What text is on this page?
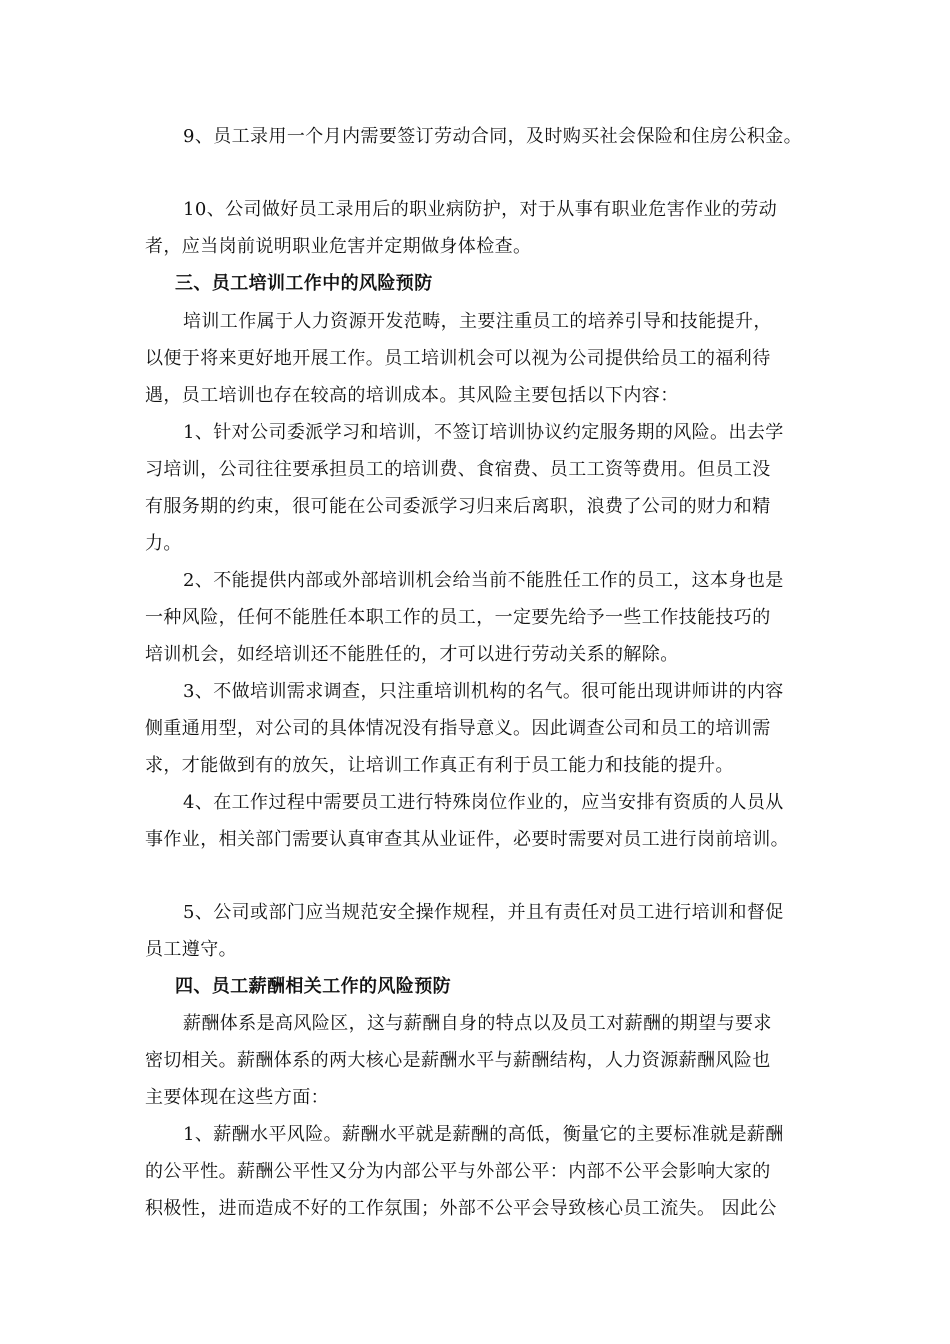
9、员工录用一个月内需要签订劳动合同，及时购买社会保险和住房公积金。
10、公司做好员工录用后的职业病防护，对于从事有职业危害作业的劳动
者，应当岗前说明职业危害并定期做身体检查。
三、员工培训工作中的风险预防
培训工作属于人力资源开发范畴，主要注重员工的培养引导和技能提升，
以便于将来更好地开展工作。员工培训机会可以视为公司提供给员工的福利待
遇，员工培训也存在较高的培训成本。其风险主要包括以下内容：
1、针对公司委派学习和培训，不签订培训协议约定服务期的风险。出去学
习培训，公司往往要承担员工的培训费、食宿费、员工工资等费用。但员工没
有服务期的约束，很可能在公司委派学习归来后离职，浪费了公司的财力和精
力。
2、不能提供内部或外部培训机会给当前不能胜任工作的员工，这本身也是
一种风险，任何不能胜任本职工作的员工，一定要先给予一些工作技能技巧的
培训机会，如经培训还不能胜任的，才可以进行劳动关系的解除。
3、不做培训需求调查，只注重培训机构的名气。很可能出现讲师讲的内容
侧重通用型，对公司的具体情况没有指导意义。因此调查公司和员工的培训需
求，才能做到有的放矢，让培训工作真正有利于员工能力和技能的提升。
4、在工作过程中需要员工进行特殊岗位作业的，应当安排有资质的人员从
事作业，相关部门需要认真审查其从业证件，必要时需要对员工进行岗前培训。
5、公司或部门应当规范安全操作规程，并且有责任对员工进行培训和督促
员工遵守。
四、员工薪酬相关工作的风险预防
薪酬体系是高风险区，这与薪酬自身的特点以及员工对薪酬的期望与要求
密切相关。薪酬体系的两大核心是薪酬水平与薪酬结构，人力资源薪酬风险也
主要体现在这些方面：
1、薪酬水平风险。薪酬水平就是薪酬的高低，衡量它的主要标准就是薪酬
的公平性。薪酬公平性又分为内部公平与外部公平：内部不公平会影响大家的
积极性，进而造成不好的工作氛围；外部不公平会导致核心员工流失。 因此公
